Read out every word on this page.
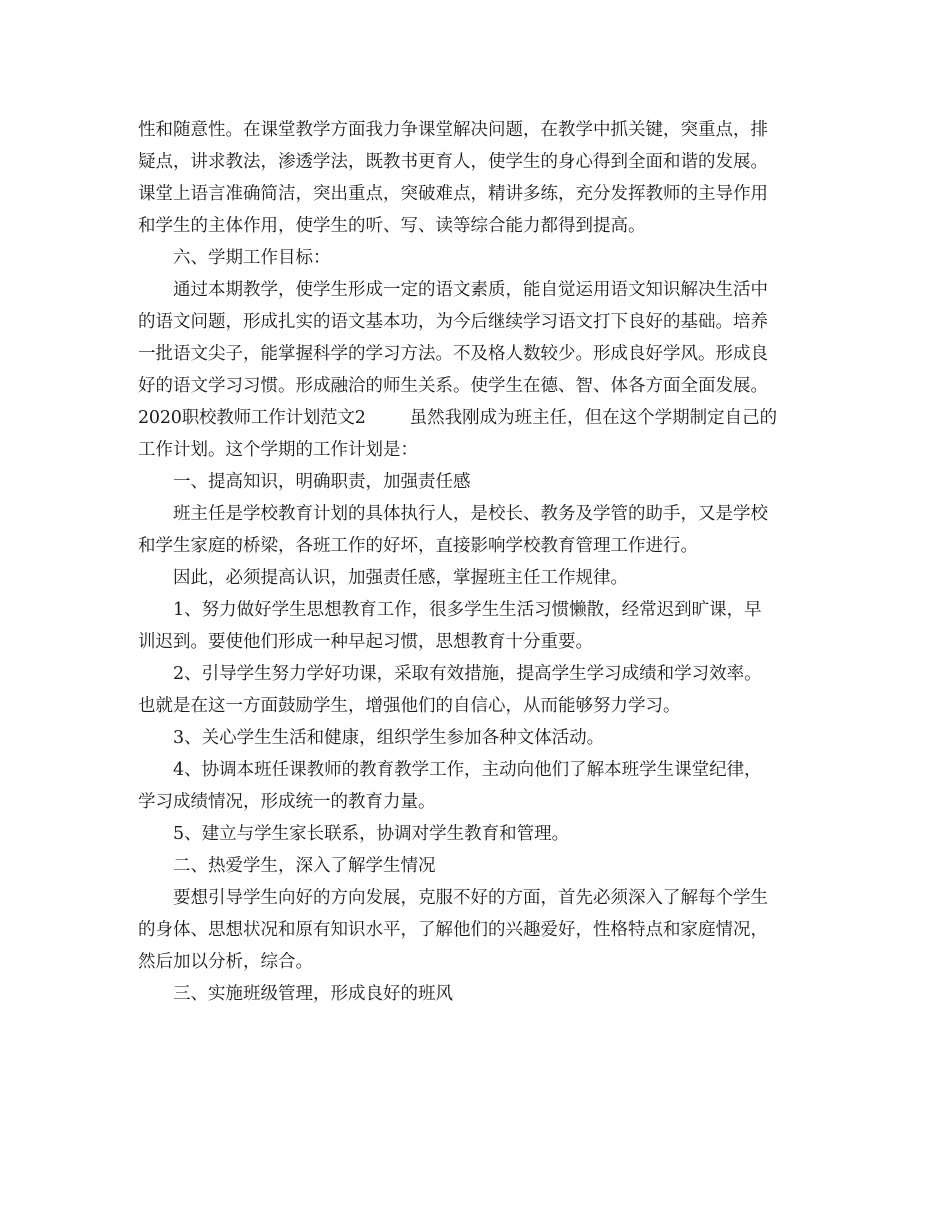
性和随意性。在课堂教学方面我力争课堂解决问题，在教学中抓关键，突重点，排
疑点，讲求教法，渗透学法，既教书更育人，使学生的身心得到全面和谐的发展。
课堂上语言准确简洁，突出重点，突破难点，精讲多练，充分发挥教师的主导作用
和学生的主体作用，使学生的听、写、读等综合能力都得到提高。
六、学期工作目标：
通过本期教学，使学生形成一定的语文素质，能自觉运用语文知识解决生活中
的语文问题，形成扎实的语文基本功，为今后继续学习语文打下良好的基础。培养
一批语文尖子，能掌握科学的学习方法。不及格人数较少。形成良好学风。形成良
好的语文学习习惯。形成融洽的师生关系。使学生在德、智、体各方面全面发展。
2020职校教师工作计划范文2	虽然我刚成为班主任，但在这个学期制定自己的
工作计划。这个学期的工作计划是：
一、提高知识，明确职责，加强责任感
班主任是学校教育计划的具体执行人，是校长、教务及学管的助手，又是学校
和学生家庭的桥梁，各班工作的好坏，直接影响学校教育管理工作进行。
因此，必须提高认识，加强责任感，掌握班主任工作规律。
1、努力做好学生思想教育工作，很多学生生活习惯懒散，经常迟到旷课，早
训迟到。要使他们形成一种早起习惯，思想教育十分重要。
2、引导学生努力学好功课，采取有效措施，提高学生学习成绩和学习效率。
也就是在这一方面鼓励学生，增强他们的自信心，从而能够努力学习。
3、关心学生生活和健康，组织学生参加各种文体活动。
4、协调本班任课教师的教育教学工作，主动向他们了解本班学生课堂纪律，
学习成绩情况，形成统一的教育力量。
5、建立与学生家长联系，协调对学生教育和管理。
二、热爱学生，深入了解学生情况
要想引导学生向好的方向发展，克服不好的方面，首先必须深入了解每个学生
的身体、思想状况和原有知识水平，了解他们的兴趣爱好，性格特点和家庭情况，
然后加以分析，综合。
三、实施班级管理，形成良好的班风
